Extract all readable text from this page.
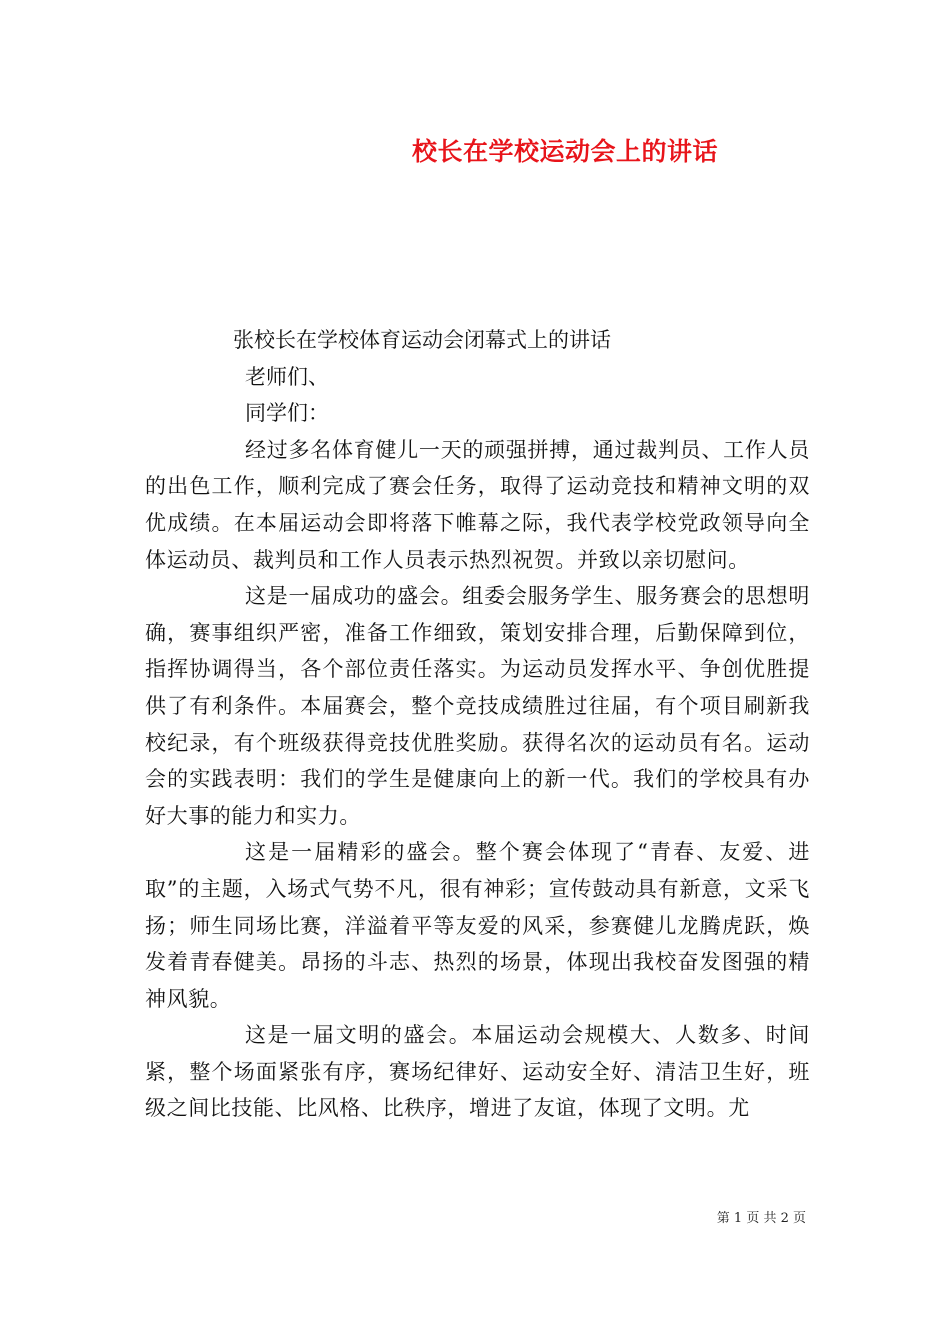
校长在学校运动会上的讲话

张校长在学校体育运动会闭幕式上的讲话

老师们、

同学们：

经过多名体育健儿一天的顽强拼搏，通过裁判员、工作人员的出色工作，顺利完成了赛会任务，取得了运动竞技和精神文明的双优成绩。在本届运动会即将落下帷幕之际，我代表学校党政领导向全体运动员、裁判员和工作人员表示热烈祝贺。并致以亲切慰问。

这是一届成功的盛会。组委会服务学生、服务赛会的思想明确，赛事组织严密，准备工作细致，策划安排合理，后勤保障到位，指挥协调得当，各个部位责任落实。为运动员发挥水平、争创优胜提供了有利条件。本届赛会，整个竞技成绩胜过往届，有个项目刷新我校纪录，有个班级获得竞技优胜奖励。获得名次的运动员有名。运动会的实践表明：我们的学生是健康向上的新一代。我们的学校具有办好大事的能力和实力。

这是一届精彩的盛会。整个赛会体现了“青春、友爱、进取”的主题，入场式气势不凡，很有神彩；宣传鼓动具有新意，文采飞扬；师生同场比赛，洋溢着平等友爱的风采，参赛健儿龙腾虎跃，焕发着青春健美。昂扬的斗志、热烈的场景，体现出我校奋发图强的精神风貌。

这是一届文明的盛会。本届运动会规模大、人数多、时间紧，整个场面紧张有序，赛场纪律好、运动安全好、清洁卫生好，班级之间比技能、比风格、比秩序，增进了友谊，体现了文明。尤

第 1 页 共 2 页
